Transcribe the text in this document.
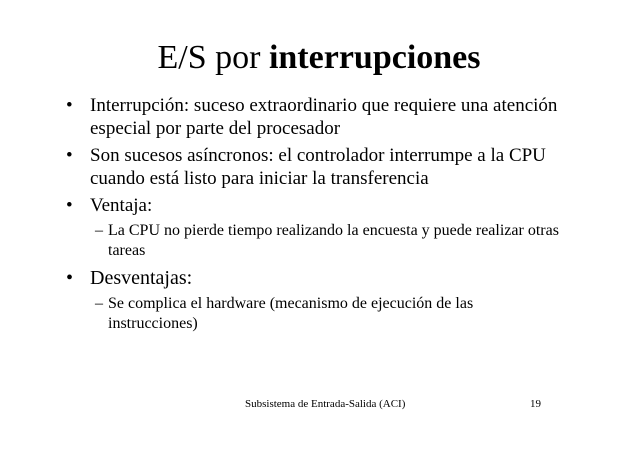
E/S por interrupciones
• Interrupción: suceso extraordinario que requiere una atención especial por parte del procesador
• Son sucesos asíncronos: el controlador interrumpe a la CPU cuando está listo para iniciar la transferencia
• Ventaja:
– La CPU no pierde tiempo realizando la encuesta y puede realizar otras tareas
• Desventajas:
– Se complica el hardware (mecanismo de ejecución de las instrucciones)
Subsistema de Entrada-Salida (ACI)	19
